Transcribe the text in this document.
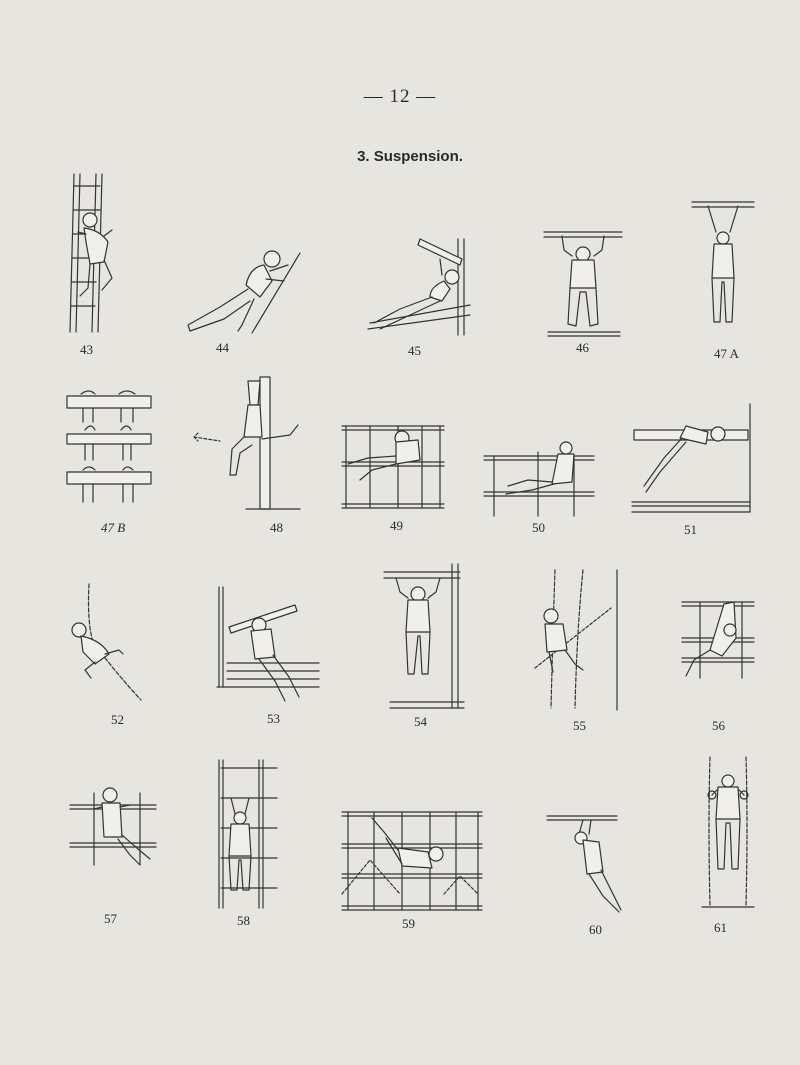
— 12 —
3. Suspension.
43	44	45	46	47 A
47 B	48	49	50	51
52	53	54	55	56
57	58	59	60	61
